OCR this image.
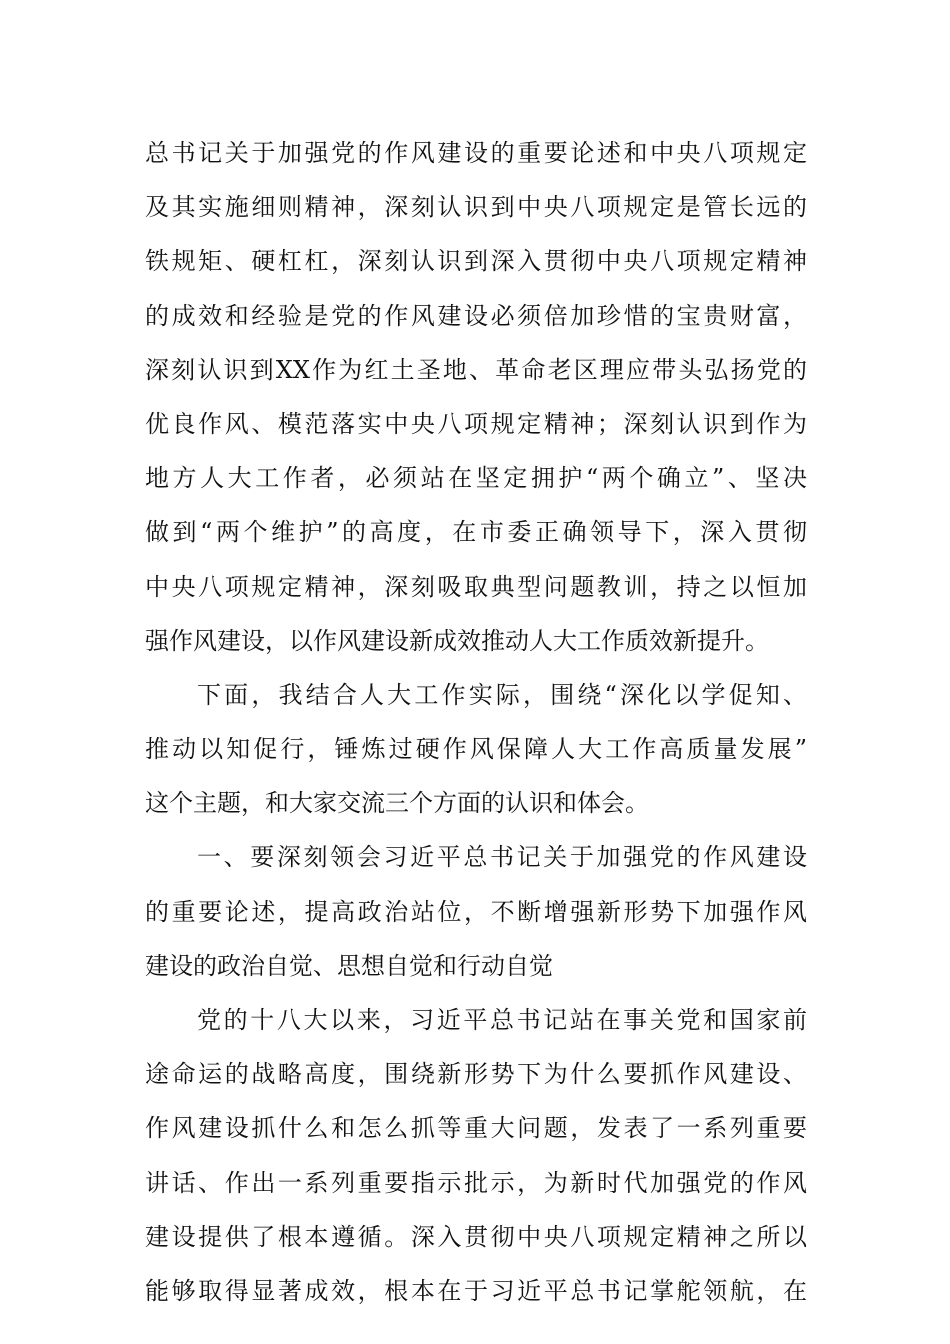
总书记关于加强党的作风建设的重要论述和中央八项规定
及其实施细则精神，深刻认识到中央八项规定是管长远的
铁规矩、硬杠杠，深刻认识到深入贯彻中央八项规定精神
的成效和经验是党的作风建设必须倍加珍惜的宝贵财富，
深刻认识到XX作为红土圣地、革命老区理应带头弘扬党的
优良作风、模范落实中央八项规定精神；深刻认识到作为
地方人大工作者，必须站在坚定拥护“两个确立”、坚决
做到“两个维护”的高度，在市委正确领导下，深入贯彻
中央八项规定精神，深刻吸取典型问题教训，持之以恒加
强作风建设，以作风建设新成效推动人大工作质效新提升。
下面，我结合人大工作实际，围绕“深化以学促知、
推动以知促行，锤炼过硬作风保障人大工作高质量发展”
这个主题，和大家交流三个方面的认识和体会。
一、要深刻领会习近平总书记关于加强党的作风建设
的重要论述，提高政治站位，不断增强新形势下加强作风
建设的政治自觉、思想自觉和行动自觉
党的十八大以来，习近平总书记站在事关党和国家前
途命运的战略高度，围绕新形势下为什么要抓作风建设、
作风建设抓什么和怎么抓等重大问题，发表了一系列重要
讲话、作出一系列重要指示批示，为新时代加强党的作风
建设提供了根本遵循。深入贯彻中央八项规定精神之所以
能够取得显著成效，根本在于习近平总书记掌舵领航，在
